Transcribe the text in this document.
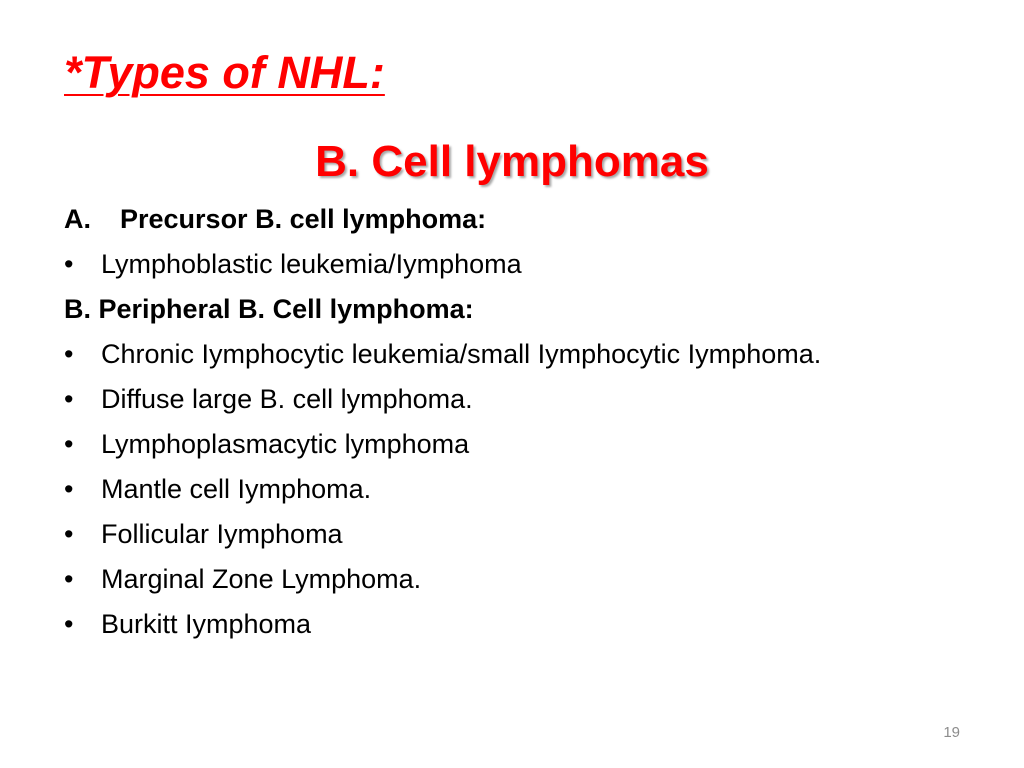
*Types of NHL:
B. Cell lymphomas

A. Precursor B. cell lymphoma:

• Lymphoblastic leukemia/Iymphoma

B. Peripheral B. Cell lymphoma:

• Chronic Iymphocytic leukemia/small Iymphocytic Iymphoma.

• Diffuse large B. cell lymphoma.

• Lymphoplasmacytic lymphoma

• Mantle cell Iymphoma.

• Follicular Iymphoma

• Marginal Zone Lymphoma.

• Burkitt Iymphoma

19
